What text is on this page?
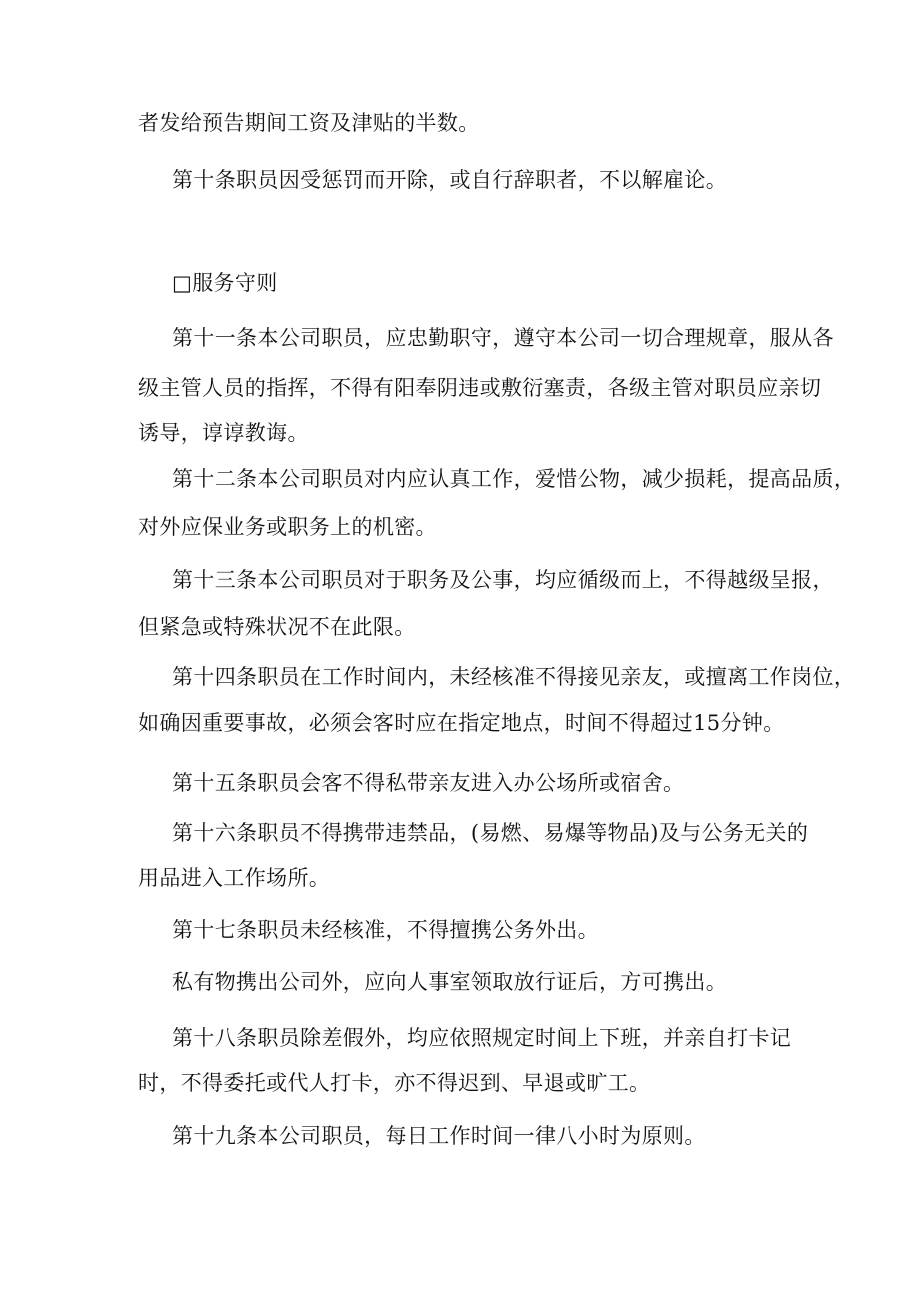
者发给预告期间工资及津贴的半数。
第十条职员因受惩罚而开除，或自行辞职者，不以解雇论。
□服务守则
第十一条本公司职员，应忠勤职守，遵守本公司一切合理规章，服从各
级主管人员的指挥，不得有阳奉阴违或敷衍塞责，各级主管对职员应亲切
诱导，谆谆教诲。
第十二条本公司职员对内应认真工作，爱惜公物，减少损耗，提高品质，
对外应保业务或职务上的机密。
第十三条本公司职员对于职务及公事，均应循级而上，不得越级呈报，
但紧急或特殊状况不在此限。
第十四条职员在工作时间内，未经核准不得接见亲友，或擅离工作岗位，
如确因重要事故，必须会客时应在指定地点，时间不得超过15分钟。
第十五条职员会客不得私带亲友进入办公场所或宿舍。
第十六条职员不得携带违禁品，(易燃、易爆等物品)及与公务无关的
用品进入工作场所。
第十七条职员未经核准，不得擅携公务外出。
私有物携出公司外，应向人事室领取放行证后，方可携出。
第十八条职员除差假外，均应依照规定时间上下班，并亲自打卡记
时，不得委托或代人打卡，亦不得迟到、早退或旷工。
第十九条本公司职员，每日工作时间一律八小时为原则。
